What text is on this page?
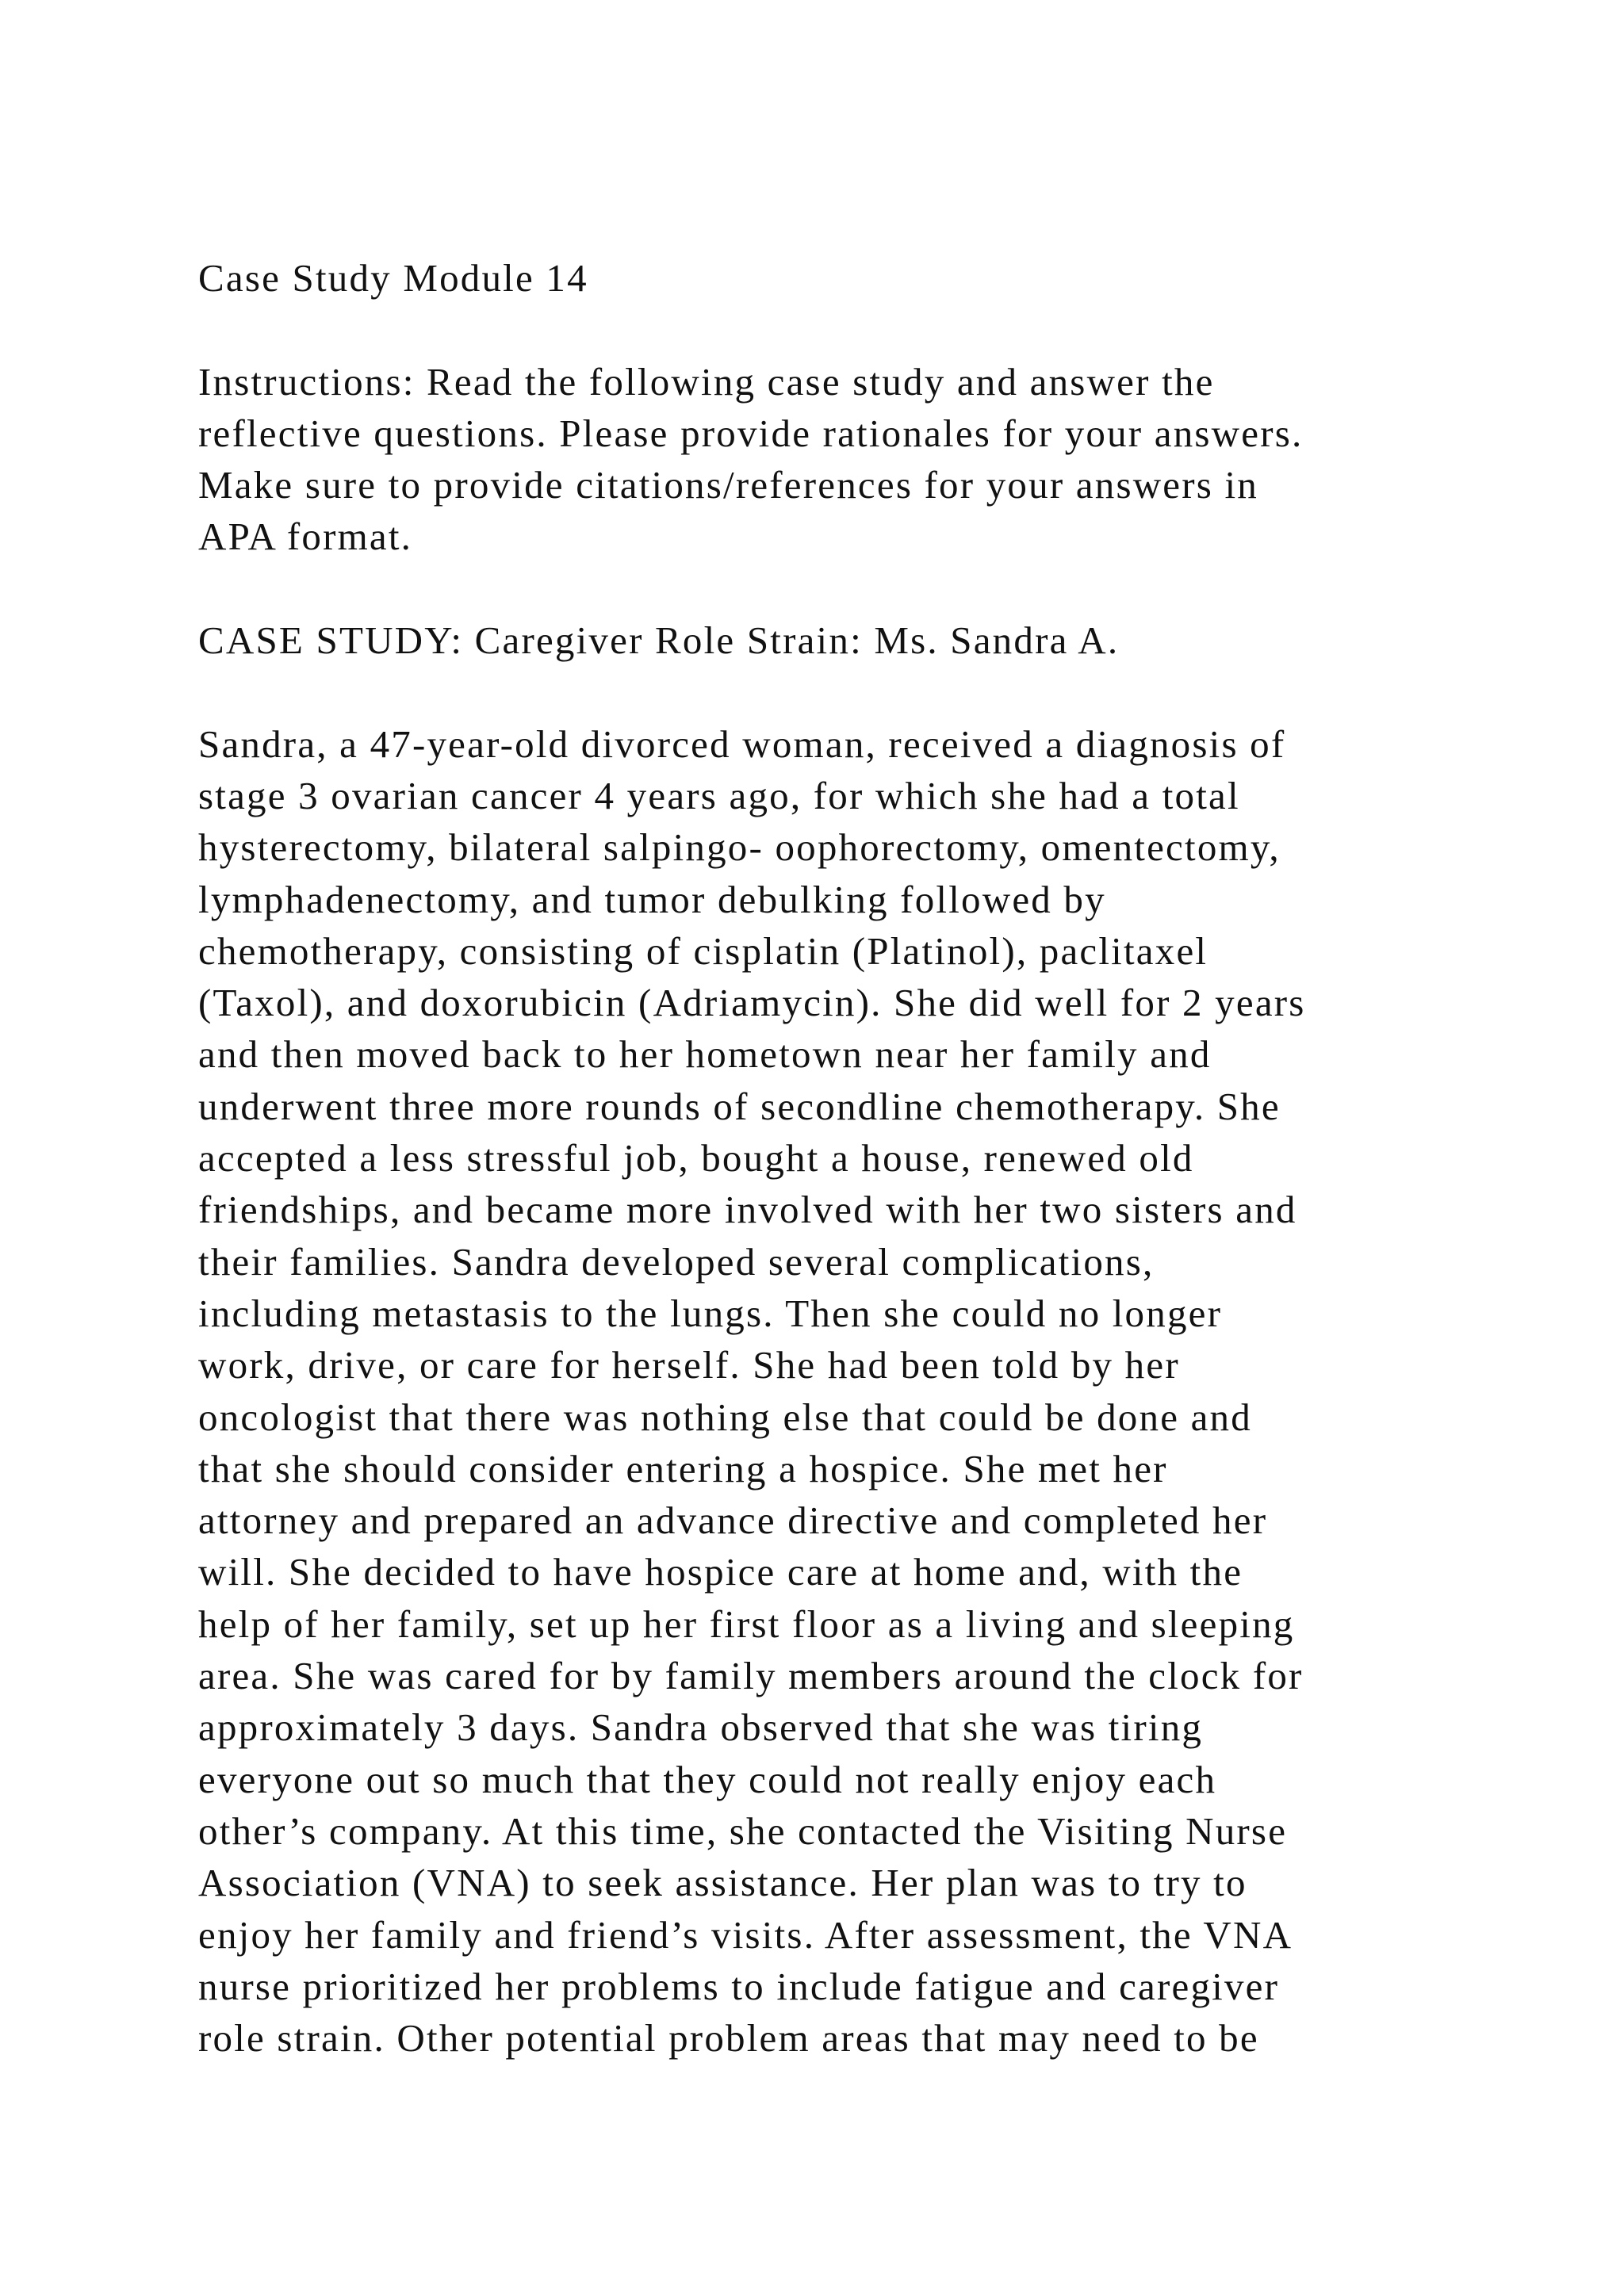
Case Study Module 14

Instructions: Read the following case study and answer the
reflective questions. Please provide rationales for your answers.
Make sure to provide citations/references for your answers in
APA format.

CASE STUDY: Caregiver Role Strain: Ms. Sandra A.

Sandra, a 47-year-old divorced woman, received a diagnosis of
stage 3 ovarian cancer 4 years ago, for which she had a total
hysterectomy, bilateral salpingo- oophorectomy, omentectomy,
lymphadenectomy, and tumor debulking followed by
chemotherapy, consisting of cisplatin (Platinol), paclitaxel
(Taxol), and doxorubicin (Adriamycin). She did well for 2 years
and then moved back to her hometown near her family and
underwent three more rounds of secondline chemotherapy. She
accepted a less stressful job, bought a house, renewed old
friendships, and became more involved with her two sisters and
their families. Sandra developed several complications,
including metastasis to the lungs. Then she could no longer
work, drive, or care for herself. She had been told by her
oncologist that there was nothing else that could be done and
that she should consider entering a hospice. She met her
attorney and prepared an advance directive and completed her
will. She decided to have hospice care at home and, with the
help of her family, set up her first floor as a living and sleeping
area. She was cared for by family members around the clock for
approximately 3 days. Sandra observed that she was tiring
everyone out so much that they could not really enjoy each
other’s company. At this time, she contacted the Visiting Nurse
Association (VNA) to seek assistance. Her plan was to try to
enjoy her family and friend’s visits. After assessment, the VNA
nurse prioritized her problems to include fatigue and caregiver
role strain. Other potential problem areas that may need to be
